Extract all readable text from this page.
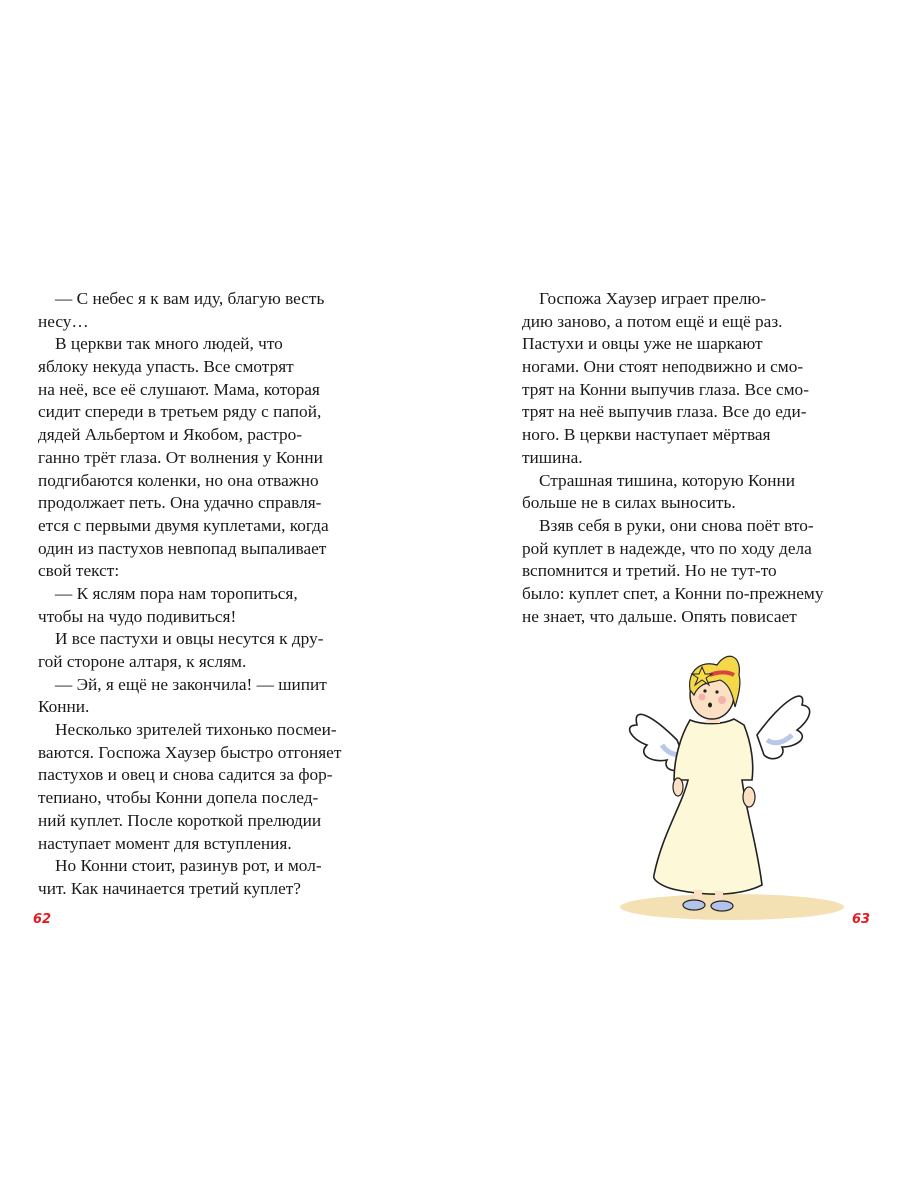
— С небес я к вам иду, благую весть
несу…
В церкви так много людей, что
яблоку некуда упасть. Все смотрят
на неё, все её слушают. Мама, которая
сидит спереди в третьем ряду с папой,
дядей Альбертом и Якобом, растро-
ганно трёт глаза. От волнения у Конни
подгибаются коленки, но она отважно
продолжает петь. Она удачно справля-
ется с первыми двумя куплетами, когда
один из пастухов невпопад выпаливает
свой текст:
— К яслям пора нам торопиться,
чтобы на чудо подивиться!
И все пастухи и овцы несутся к дру-
гой стороне алтаря, к яслям.
— Эй, я ещё не закончила! — шипит
Конни.
Несколько зрителей тихонько посмеи-
ваются. Госпожа Хаузер быстро отгоняет
пастухов и овец и снова садится за фор-
тепиано, чтобы Конни допела послед-
ний куплет. После короткой прелюдии
наступает момент для вступления.
Но Конни стоит, разинув рот, и мол-
чит. Как начинается третий куплет?
Госпожа Хаузер играет прелю-
дию заново, а потом ещё и ещё раз.
Пастухи и овцы уже не шаркают
ногами. Они стоят неподвижно и смо-
трят на Конни выпучив глаза. Все смо-
трят на неё выпучив глаза. Все до еди-
ного. В церкви наступает мёртвая
тишина.
Страшная тишина, которую Конни
больше не в силах выносить.
Взяв себя в руки, они снова поёт вто-
рой куплет в надежде, что по ходу дела
вспомнится и третий. Но не тут-то
было: куплет спет, а Конни по-прежнему
не знает, что дальше. Опять повисает
62	63
